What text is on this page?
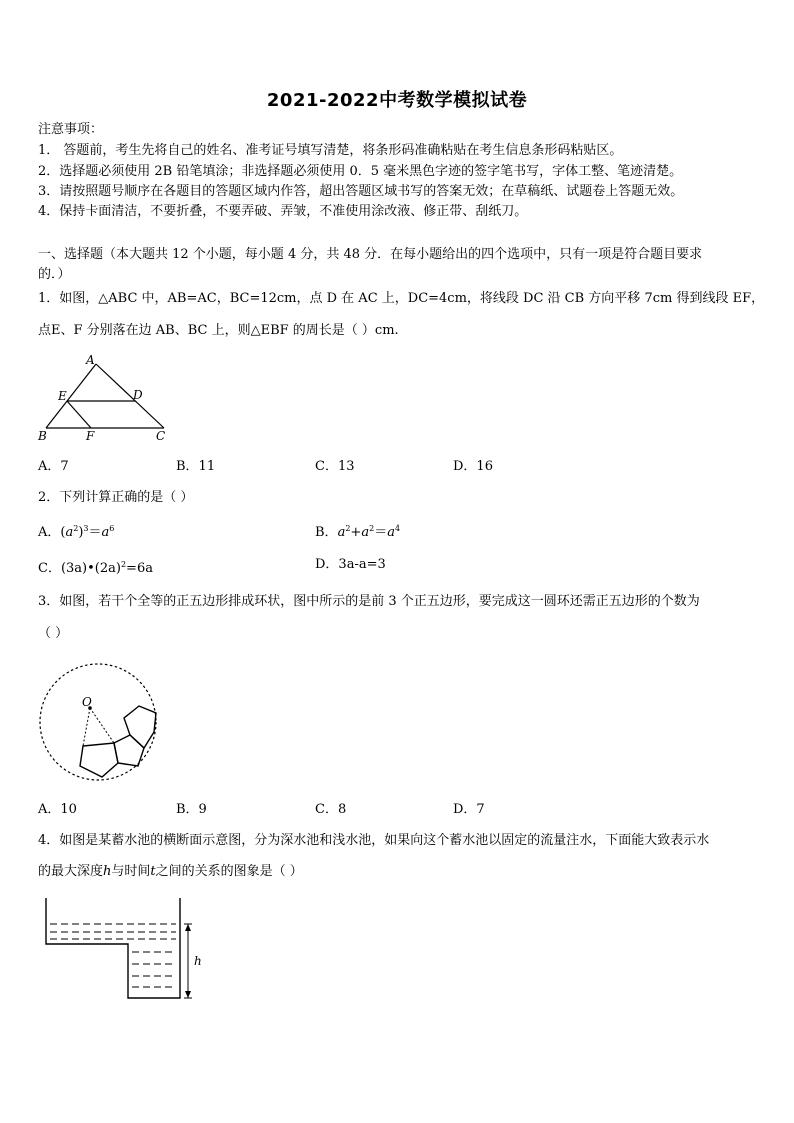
2021-2022中考数学模拟试卷
注意事项：
1． 答题前，考生先将自己的姓名、准考证号填写清楚，将条形码准确粘贴在考生信息条形码粘贴区。
2．选择题必须使用 2B 铅笔填涂；非选择题必须使用 0．5 毫米黑色字迹的签字笔书写，字体工整、笔迹清楚。
3．请按照题号顺序在各题目的答题区域内作答，超出答题区域书写的答案无效；在草稿纸、试题卷上答题无效。
4．保持卡面清洁，不要折叠，不要弄破、弄皱，不准使用涂改液、修正带、刮纸刀。
一、选择题（本大题共 12 个小题，每小题 4 分，共 48 分．在每小题给出的四个选项中，只有一项是符合题目要求
的．）
1．如图，△ABC 中，AB=AC，BC=12cm，点 D 在 AC 上，DC=4cm，将线段 DC 沿 CB 方向平移 7cm 得到线段 EF，
点E、F 分别落在边 AB、BC 上，则△EBF 的周长是（ ）cm.
A
E	D
B	F	C
A．7	B．11	C．13	D．16
2．下列计算正确的是（ ）
A．$(a^2)^3=a^6$	B．$a^2+a^2=a^4$
C．$(3a)•(2a)^2=6a$	D．3a-a=3
3．如图，若干个全等的正五边形排成环状，图中所示的是前 3 个正五边形，要完成这一圆环还需正五边形的个数为
（ ）
O
A．10	B．9	C．8	D．7
4．如图是某蓄水池的横断面示意图，分为深水池和浅水池，如果向这个蓄水池以固定的流量注水，下面能大致表示水
的最大深度h与时间t之间的关系的图象是（ ）
h
